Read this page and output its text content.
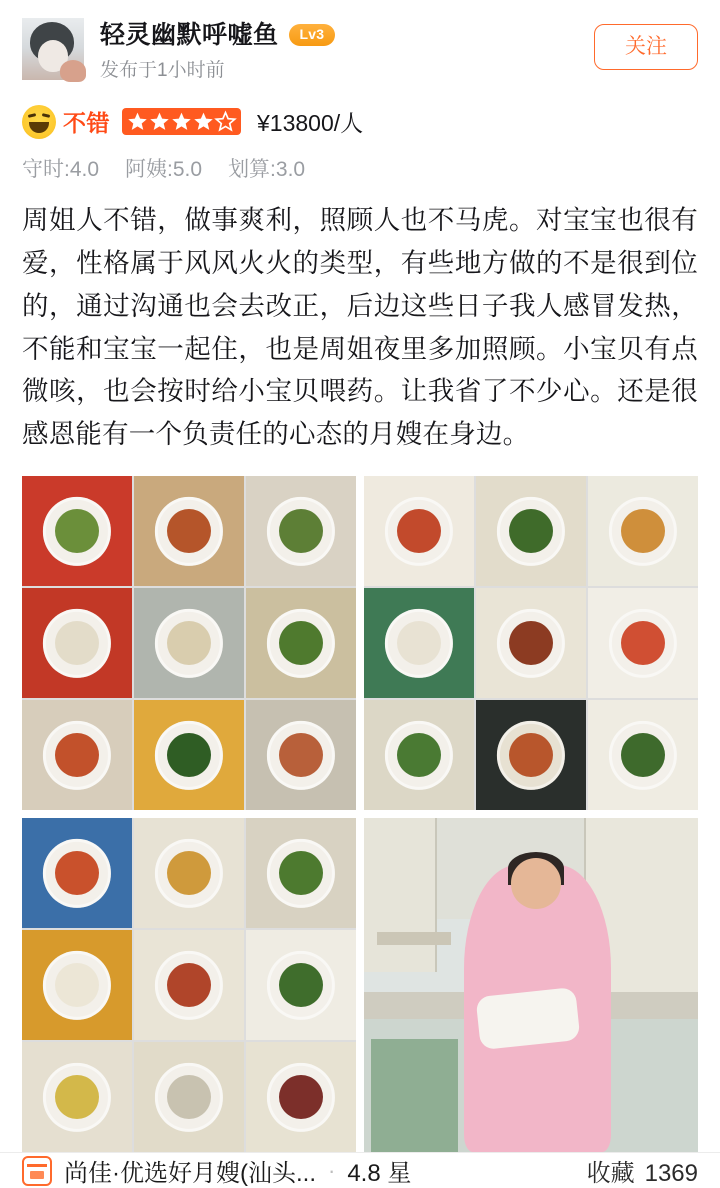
轻灵幽默呼嘘鱼	Lv3
发布于1小时前
关注
不错	¥13800/人
守时:4.0 阿姨:5.0 划算:3.0
周姐人不错，做事爽利，照顾人也不马虎。对宝宝也很有爱，性格属于风风火火的类型，有些地方做的不是很到位的，通过沟通也会去改正，后边这些日子我人感冒发热，不能和宝宝一起住，也是周姐夜里多加照顾。小宝贝有点微咳，也会按时给小宝贝喂药。让我省了不少心。还是很感恩能有一个负责任的心态的月嫂在身边。
尚佳·优选好月嫂(汕头... · 4.8 星	收藏 1369
